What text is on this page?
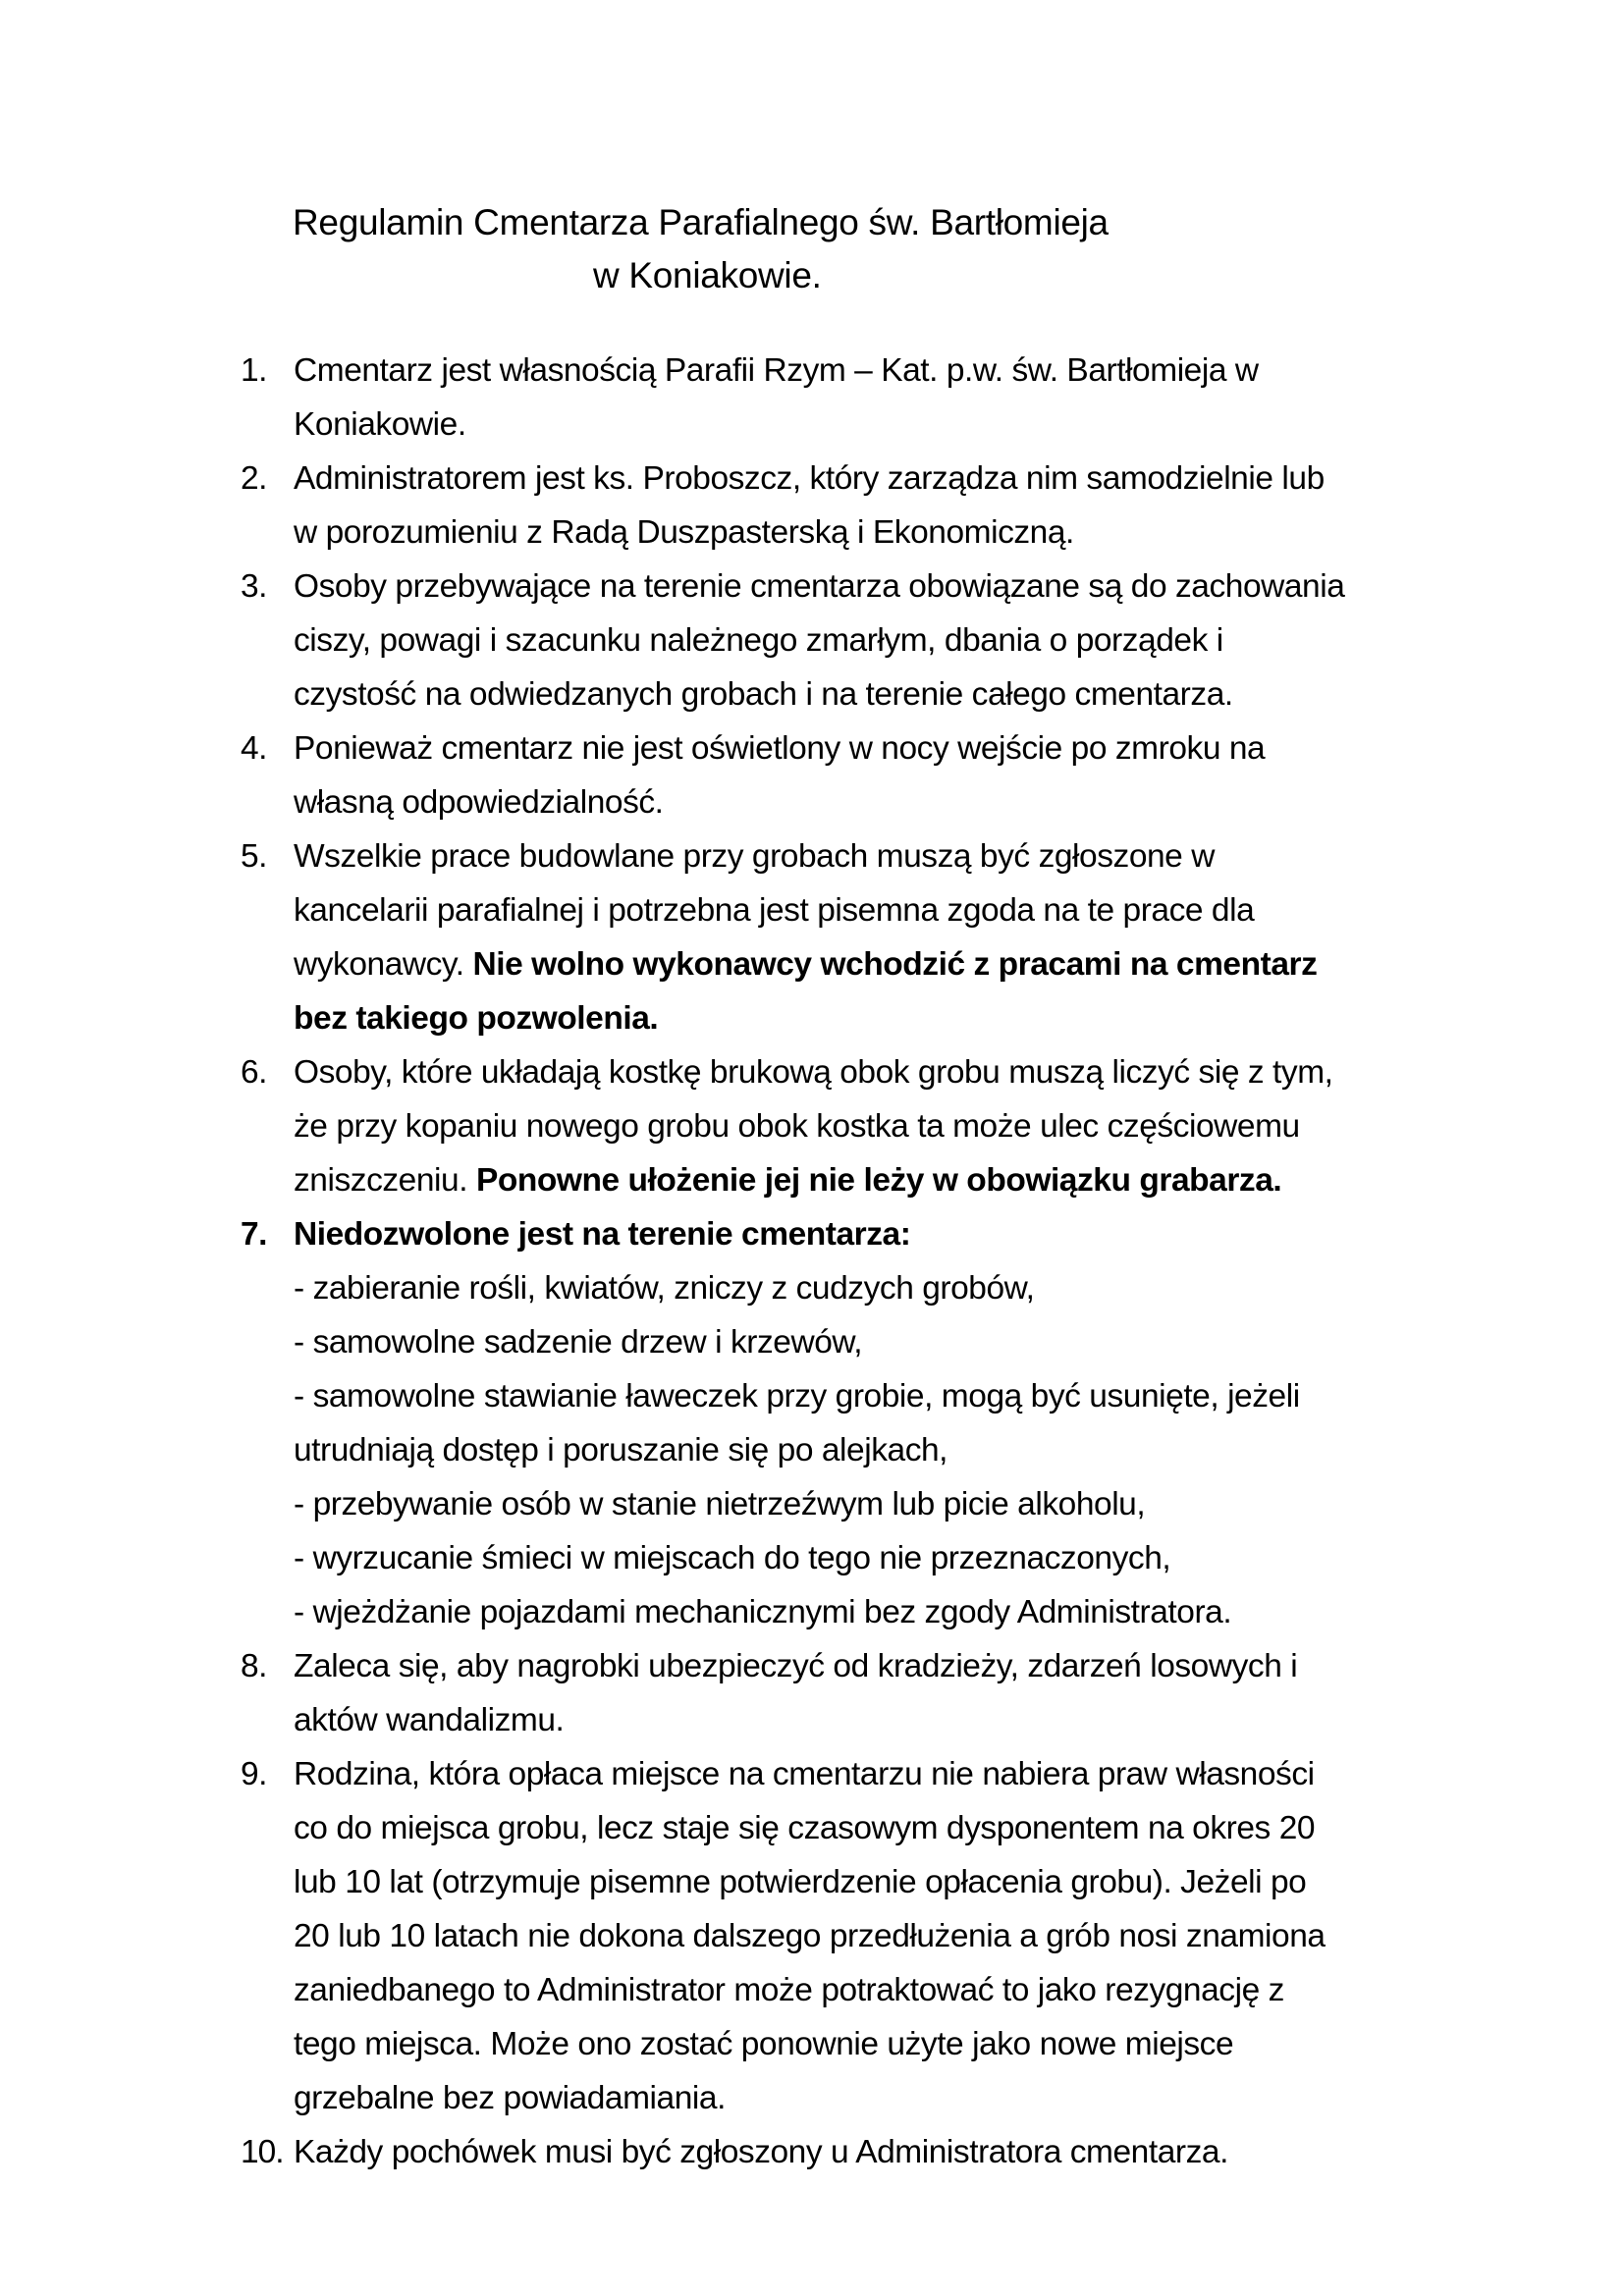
Regulamin Cmentarza Parafialnego św. Bartłomieja
w Koniakowie.
1. Cmentarz jest własnością Parafii Rzym – Kat. p.w. św. Bartłomieja w
Koniakowie.
2. Administratorem jest ks. Proboszcz, który zarządza nim samodzielnie lub
w porozumieniu z Radą Duszpasterską i Ekonomiczną.
3. Osoby przebywające na terenie cmentarza obowiązane są do zachowania
ciszy, powagi i szacunku należnego zmarłym, dbania o porządek i
czystość na odwiedzanych grobach i na terenie całego cmentarza.
4. Ponieważ cmentarz nie jest oświetlony w nocy wejście po zmroku na
własną odpowiedzialność.
5. Wszelkie prace budowlane przy grobach muszą być zgłoszone w
kancelarii parafialnej i potrzebna jest pisemna zgoda na te prace dla
wykonawcy. Nie wolno wykonawcy wchodzić z pracami na cmentarz
bez takiego pozwolenia.
6. Osoby, które układają kostkę brukową obok grobu muszą liczyć się z tym,
że przy kopaniu nowego grobu obok kostka ta może ulec częściowemu
zniszczeniu. Ponowne ułożenie jej nie leży w obowiązku grabarza.
7. Niedozwolone jest na terenie cmentarza:
- zabieranie rośli, kwiatów, zniczy z cudzych grobów,
- samowolne sadzenie drzew i krzewów,
- samowolne stawianie ławeczek przy grobie, mogą być usunięte, jeżeli
utrudniają dostęp i poruszanie się po alejkach,
- przebywanie osób w stanie nietrzeźwym lub picie alkoholu,
- wyrzucanie śmieci w miejscach do tego nie przeznaczonych,
- wjeżdżanie pojazdami mechanicznymi bez zgody Administratora.
8. Zaleca się, aby nagrobki ubezpieczyć od kradzieży, zdarzeń losowych i
aktów wandalizmu.
9. Rodzina, która opłaca miejsce na cmentarzu nie nabiera praw własności
co do miejsca grobu, lecz staje się czasowym dysponentem na okres 20
lub 10 lat (otrzymuje pisemne potwierdzenie opłacenia grobu). Jeżeli po
20 lub 10 latach nie dokona dalszego przedłużenia a grób nosi znamiona
zaniedbanego to Administrator może potraktować to jako rezygnację z
tego miejsca. Może ono zostać ponownie użyte jako nowe miejsce
grzebalne bez powiadamiania.
10. Każdy pochówek musi być zgłoszony u Administratora cmentarza.
